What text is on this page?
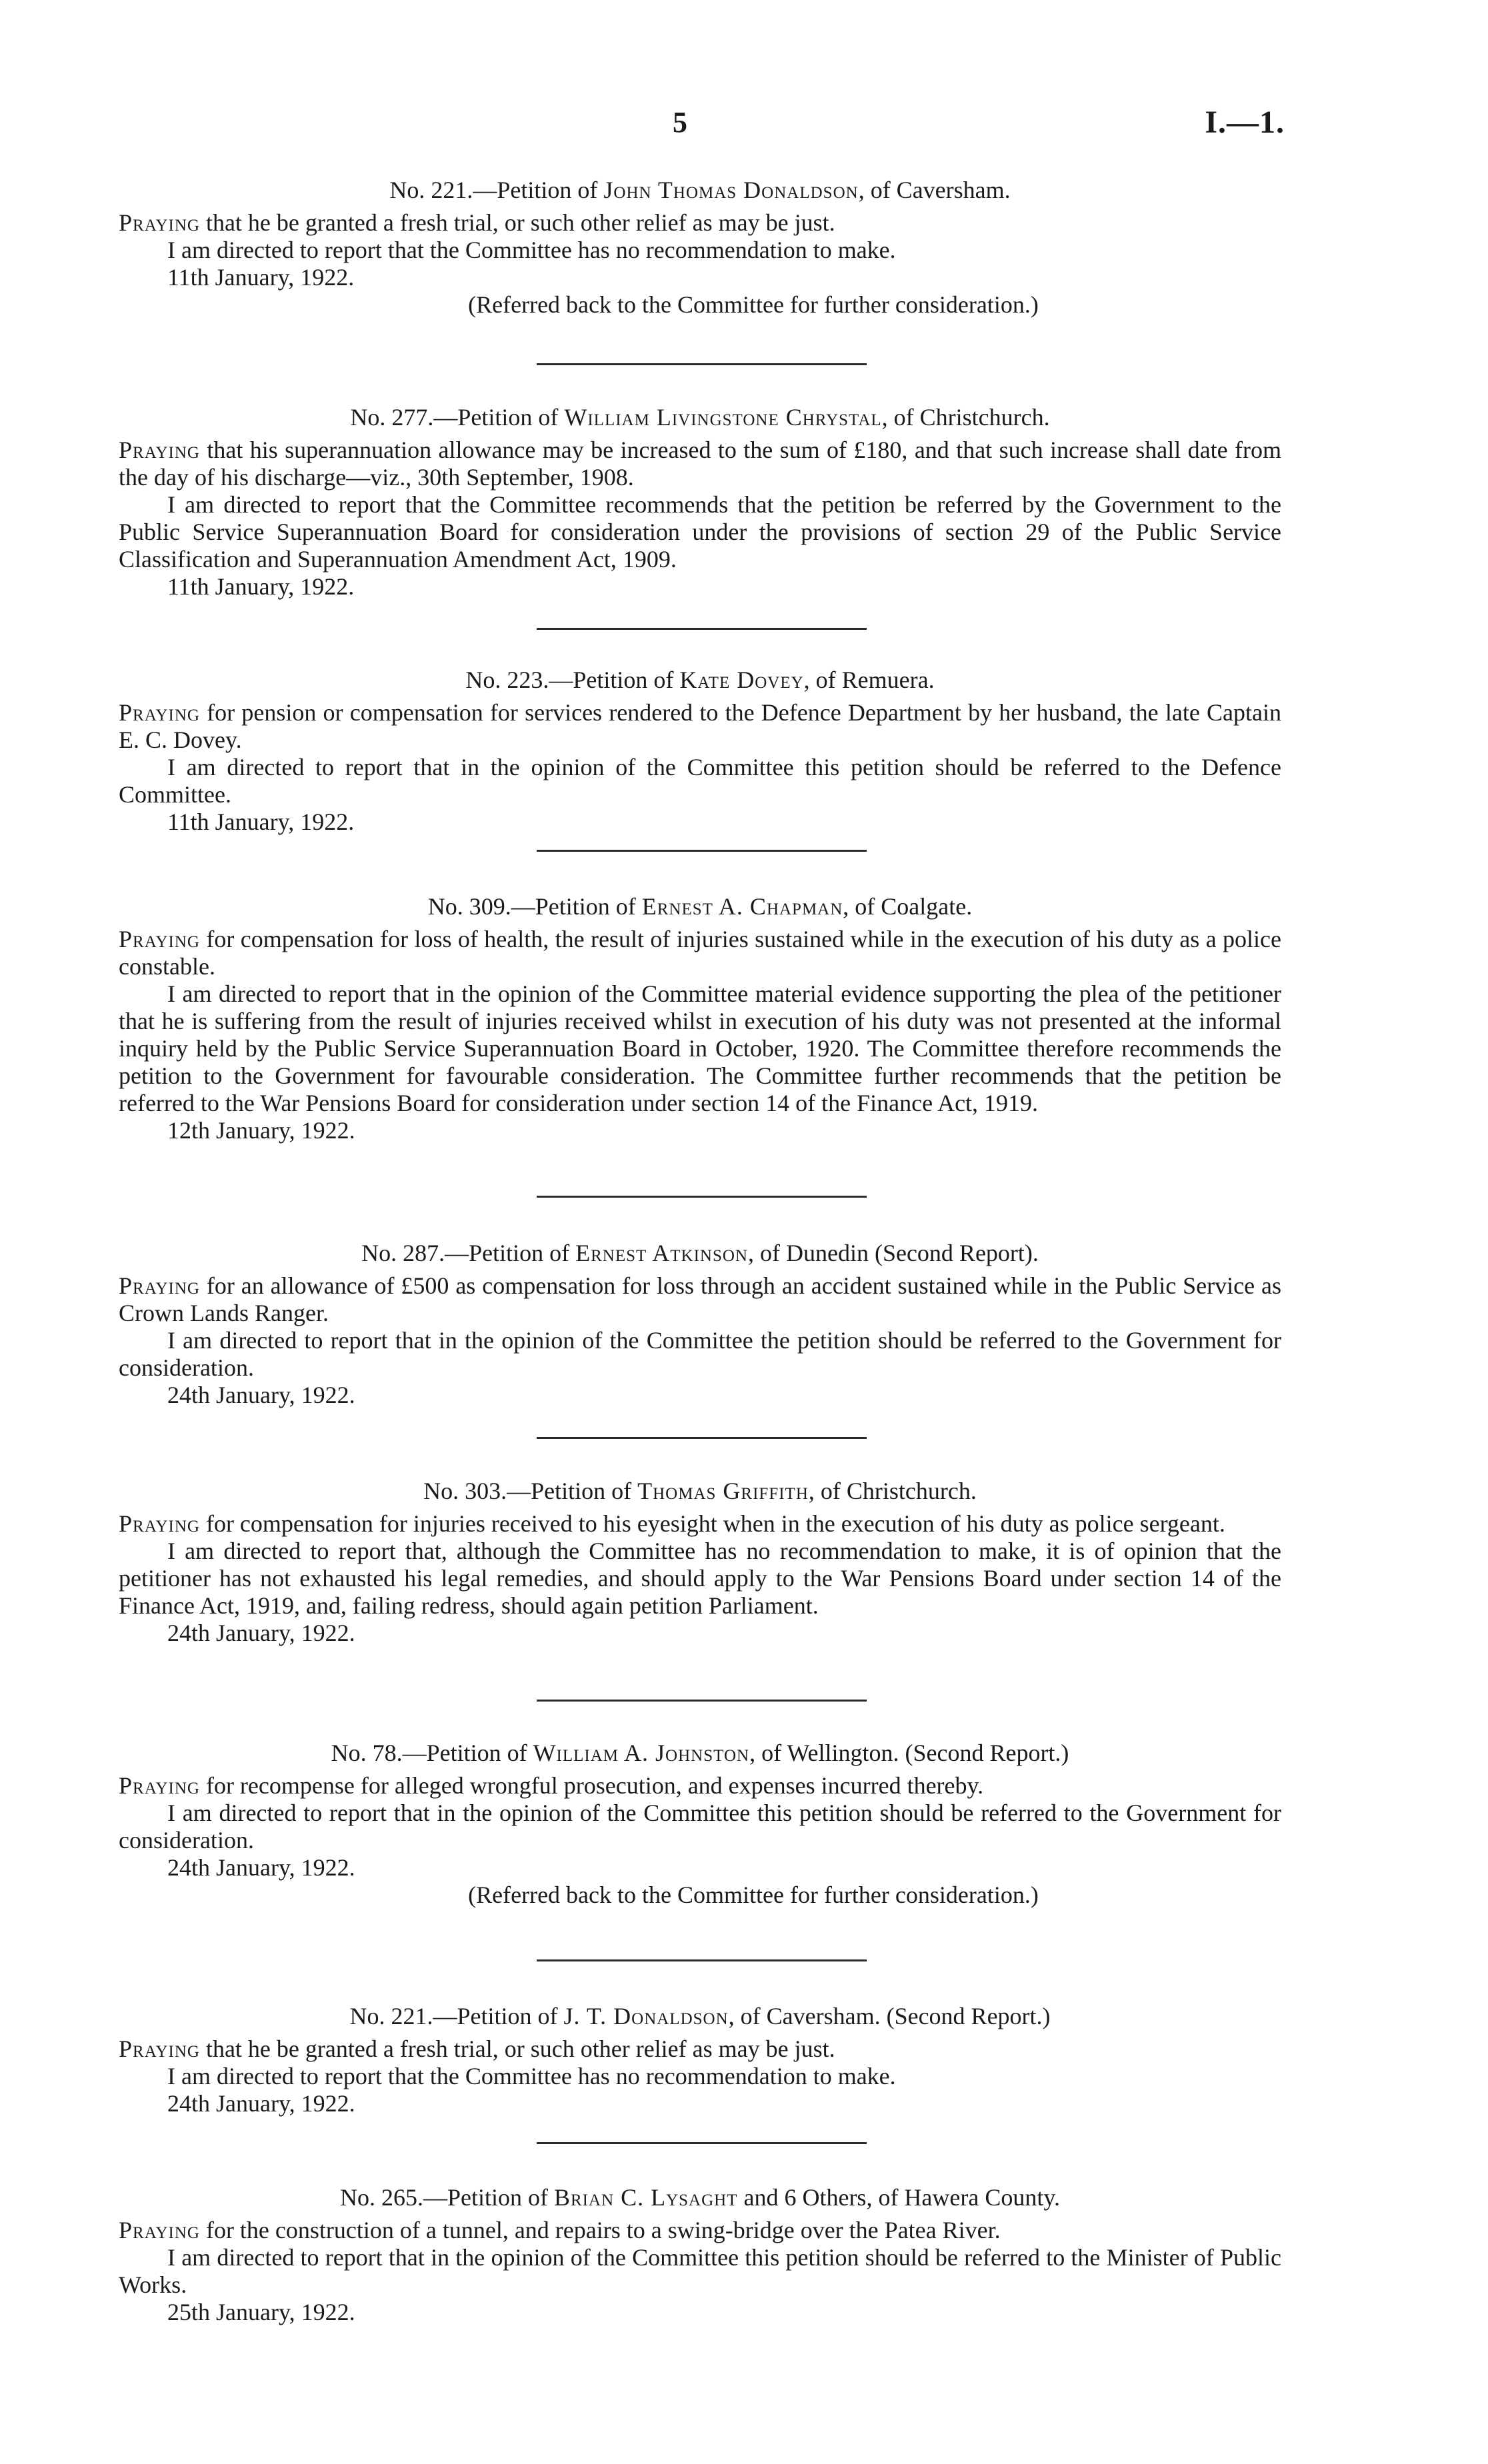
5	I.—1.

No. 221.—Petition of John Thomas Donaldson, of Caversham.

Praying that he be granted a fresh trial, or such other relief as may be just.

I am directed to report that the Committee has no recommendation to make.

11th January, 1922.

(Referred back to the Committee for further consideration.)

No. 277.—Petition of William Livingstone Chrystal, of Christchurch.

Praying that his superannuation allowance may be increased to the sum of £180, and that such increase shall date from the day of his discharge—viz., 30th September, 1908.

I am directed to report that the Committee recommends that the petition be referred by the Government to the Public Service Superannuation Board for consideration under the provisions of section 29 of the Public Service Classification and Superannuation Amendment Act, 1909.

11th January, 1922.

No. 223.—Petition of Kate Dovey, of Remuera.

Praying for pension or compensation for services rendered to the Defence Department by her husband, the late Captain E. C. Dovey.

I am directed to report that in the opinion of the Committee this petition should be referred to the Defence Committee.

11th January, 1922.

No. 309.—Petition of Ernest A. Chapman, of Coalgate.

Praying for compensation for loss of health, the result of injuries sustained while in the execution of his duty as a police constable.

I am directed to report that in the opinion of the Committee material evidence supporting the plea of the petitioner that he is suffering from the result of injuries received whilst in execution of his duty was not presented at the informal inquiry held by the Public Service Superannuation Board in October, 1920. The Committee therefore recommends the petition to the Government for favourable consideration. The Committee further recommends that the petition be referred to the War Pensions Board for consideration under section 14 of the Finance Act, 1919.

12th January, 1922.

No. 287.—Petition of Ernest Atkinson, of Dunedin (Second Report).

Praying for an allowance of £500 as compensation for loss through an accident sustained while in the Public Service as Crown Lands Ranger.

I am directed to report that in the opinion of the Committee the petition should be referred to the Government for consideration.

24th January, 1922.

No. 303.—Petition of Thomas Griffith, of Christchurch.

Praying for compensation for injuries received to his eyesight when in the execution of his duty as police sergeant.

I am directed to report that, although the Committee has no recommendation to make, it is of opinion that the petitioner has not exhausted his legal remedies, and should apply to the War Pensions Board under section 14 of the Finance Act, 1919, and, failing redress, should again petition Parliament.

24th January, 1922.

No. 78.—Petition of William A. Johnston, of Wellington. (Second Report.)

Praying for recompense for alleged wrongful prosecution, and expenses incurred thereby.

I am directed to report that in the opinion of the Committee this petition should be referred to the Government for consideration.

24th January, 1922.

(Referred back to the Committee for further consideration.)

No. 221.—Petition of J. T. Donaldson, of Caversham. (Second Report.)

Praying that he be granted a fresh trial, or such other relief as may be just.

I am directed to report that the Committee has no recommendation to make.

24th January, 1922.

No. 265.—Petition of Brian C. Lysaght and 6 Others, of Hawera County.

Praying for the construction of a tunnel, and repairs to a swing-bridge over the Patea River.

I am directed to report that in the opinion of the Committee this petition should be referred to the Minister of Public Works.

25th January, 1922.
